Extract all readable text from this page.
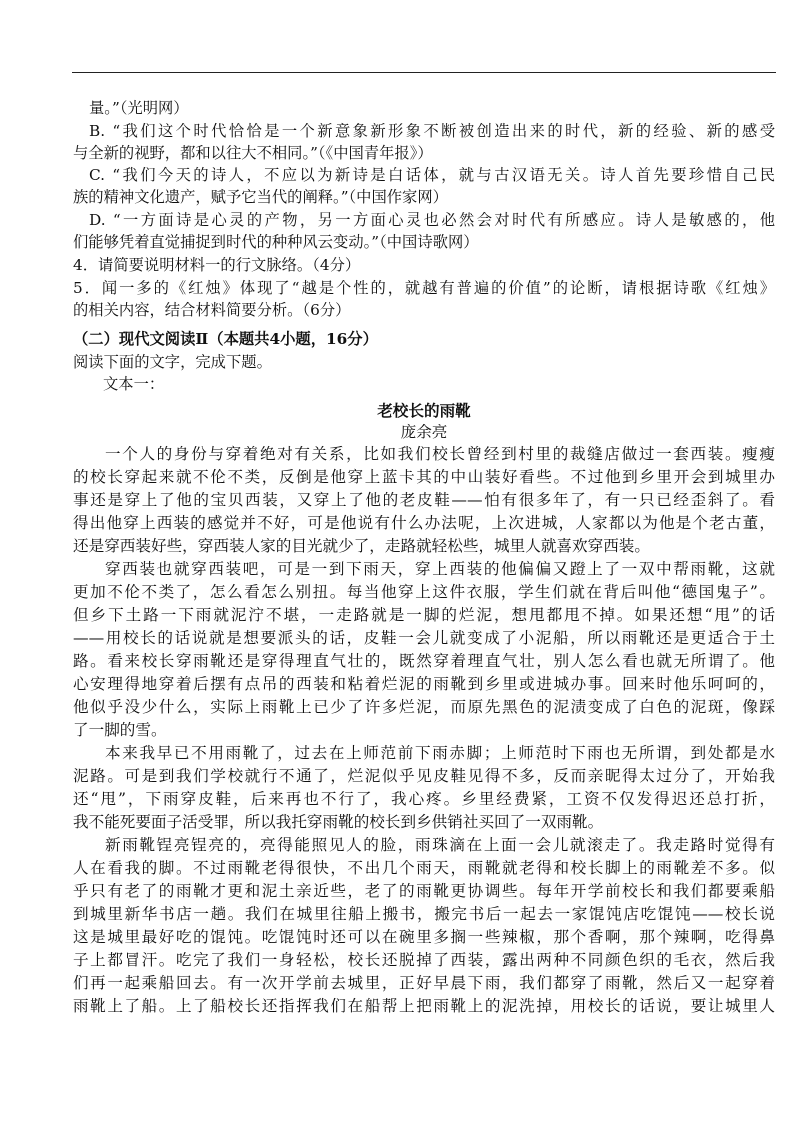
量。”（光明网）
B. “我们这个时代恰恰是一个新意象新形象不断被创造出来的时代，新的经验、新的感受
与全新的视野，都和以往大不相同。”（《中国青年报》）
C. “我们今天的诗人，不应以为新诗是白话体，就与古汉语无关。诗人首先要珍惜自己民
族的精神文化遗产，赋予它当代的阐释。”（中国作家网）
D. “一方面诗是心灵的产物，另一方面心灵也必然会对时代有所感应。诗人是敏感的，他
们能够凭着直觉捕捉到时代的种种风云变动。”（中国诗歌网）
4．请简要说明材料一的行文脉络。（4分）
5．闻一多的《红烛》体现了“越是个性的，就越有普遍的价值”的论断，请根据诗歌《红烛》
的相关内容，结合材料简要分析。（6分）
（二）现代文阅读Ⅱ（本题共4小题，16分）
阅读下面的文字，完成下题。
文本一：
老校长的雨靴
庞余亮
一个人的身份与穿着绝对有关系，比如我们校长曾经到村里的裁缝店做过一套西装。瘦瘦
的校长穿起来就不伦不类，反倒是他穿上蓝卡其的中山装好看些。不过他到乡里开会到城里办
事还是穿上了他的宝贝西装，又穿上了他的老皮鞋——怕有很多年了，有一只已经歪斜了。看
得出他穿上西装的感觉并不好，可是他说有什么办法呢，上次进城，人家都以为他是个老古董，
还是穿西装好些，穿西装人家的目光就少了，走路就轻松些，城里人就喜欢穿西装。
穿西装也就穿西装吧，可是一到下雨天，穿上西装的他偏偏又蹬上了一双中帮雨靴，这就
更加不伦不类了，怎么看怎么别扭。每当他穿上这件衣服，学生们就在背后叫他“德国鬼子”。
但乡下土路一下雨就泥泞不堪，一走路就是一脚的烂泥，想甩都甩不掉。如果还想“甩”的话
——用校长的话说就是想要派头的话，皮鞋一会儿就变成了小泥船，所以雨靴还是更适合于土
路。看来校长穿雨靴还是穿得理直气壮的，既然穿着理直气壮，别人怎么看也就无所谓了。他
心安理得地穿着后摆有点吊的西装和粘着烂泥的雨靴到乡里或进城办事。回来时他乐呵呵的，
他似乎没少什么，实际上雨靴上已少了许多烂泥，而原先黑色的泥渍变成了白色的泥斑，像踩
了一脚的雪。
本来我早已不用雨靴了，过去在上师范前下雨赤脚；上师范时下雨也无所谓，到处都是水
泥路。可是到我们学校就行不通了，烂泥似乎见皮鞋见得不多，反而亲昵得太过分了，开始我
还“甩”，下雨穿皮鞋，后来再也不行了，我心疼。乡里经费紧，工资不仅发得迟还总打折，
我不能死要面子活受罪，所以我托穿雨靴的校长到乡供销社买回了一双雨靴。
新雨靴锃亮锃亮的，亮得能照见人的脸，雨珠滴在上面一会儿就滚走了。我走路时觉得有
人在看我的脚。不过雨靴老得很快，不出几个雨天，雨靴就老得和校长脚上的雨靴差不多。似
乎只有老了的雨靴才更和泥土亲近些，老了的雨靴更协调些。每年开学前校长和我们都要乘船
到城里新华书店一趟。我们在城里往船上搬书，搬完书后一起去一家馄饨店吃馄饨——校长说
这是城里最好吃的馄饨。吃馄饨时还可以在碗里多搁一些辣椒，那个香啊，那个辣啊，吃得鼻
子上都冒汗。吃完了我们一身轻松，校长还脱掉了西装，露出两种不同颜色织的毛衣，然后我
们再一起乘船回去。有一次开学前去城里，正好早晨下雨，我们都穿了雨靴，然后又一起穿着
雨靴上了船。上了船校长还指挥我们在船帮上把雨靴上的泥洗掉，用校长的话说，要让城里人
